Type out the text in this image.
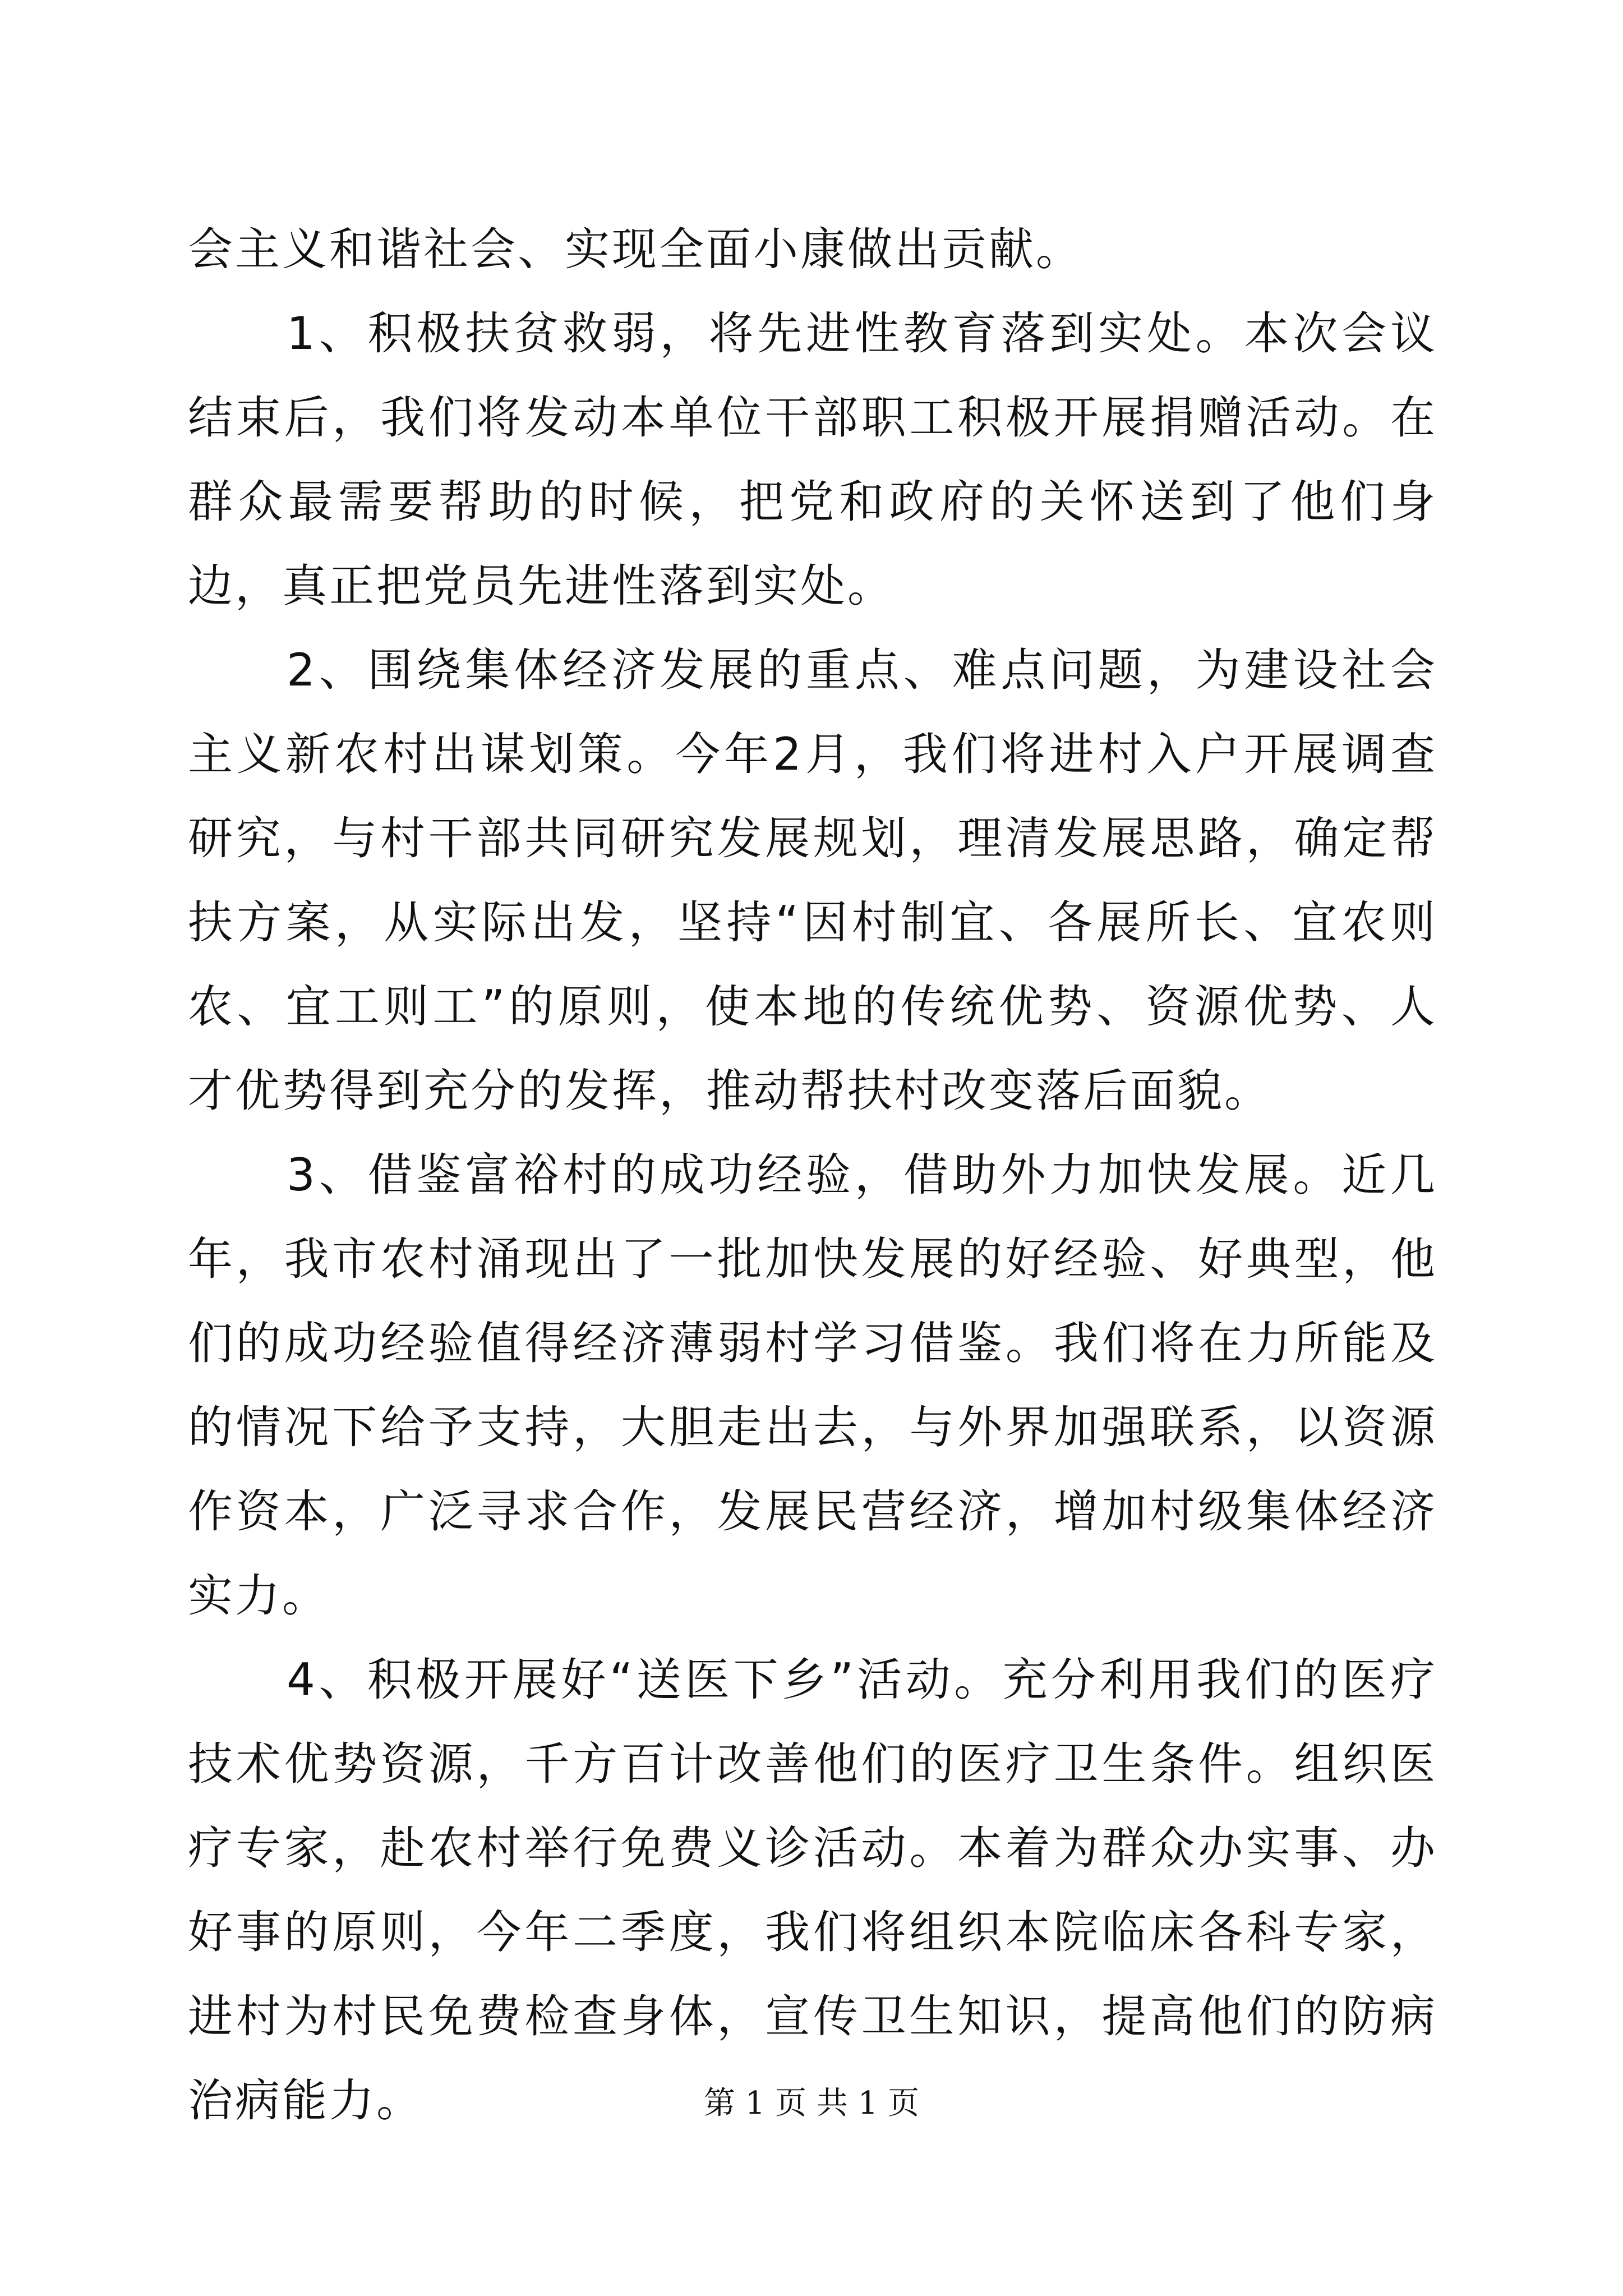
会主义和谐社会、实现全面小康做出贡献。

1、积极扶贫救弱，将先进性教育落到实处。本次会议结束后，我们将发动本单位干部职工积极开展捐赠活动。在群众最需要帮助的时候，把党和政府的关怀送到了他们身边，真正把党员先进性落到实处。

2、围绕集体经济发展的重点、难点问题，为建设社会主义新农村出谋划策。今年2月，我们将进村入户开展调查研究，与村干部共同研究发展规划，理清发展思路，确定帮扶方案，从实际出发，坚持“因村制宜、各展所长、宜农则农、宜工则工”的原则，使本地的传统优势、资源优势、人才优势得到充分的发挥，推动帮扶村改变落后面貌。

3、借鉴富裕村的成功经验，借助外力加快发展。近几年，我市农村涌现出了一批加快发展的好经验、好典型，他们的成功经验值得经济薄弱村学习借鉴。我们将在力所能及的情况下给予支持，大胆走出去，与外界加强联系，以资源作资本，广泛寻求合作，发展民营经济，增加村级集体经济实力。

4、积极开展好“送医下乡”活动。充分利用我们的医疗技术优势资源，千方百计改善他们的医疗卫生条件。组织医疗专家，赴农村举行免费义诊活动。本着为群众办实事、办好事的原则，今年二季度，我们将组织本院临床各科专家，进村为村民免费检查身体，宣传卫生知识，提高他们的防病治病能力。	第 1 页 共 1 页
